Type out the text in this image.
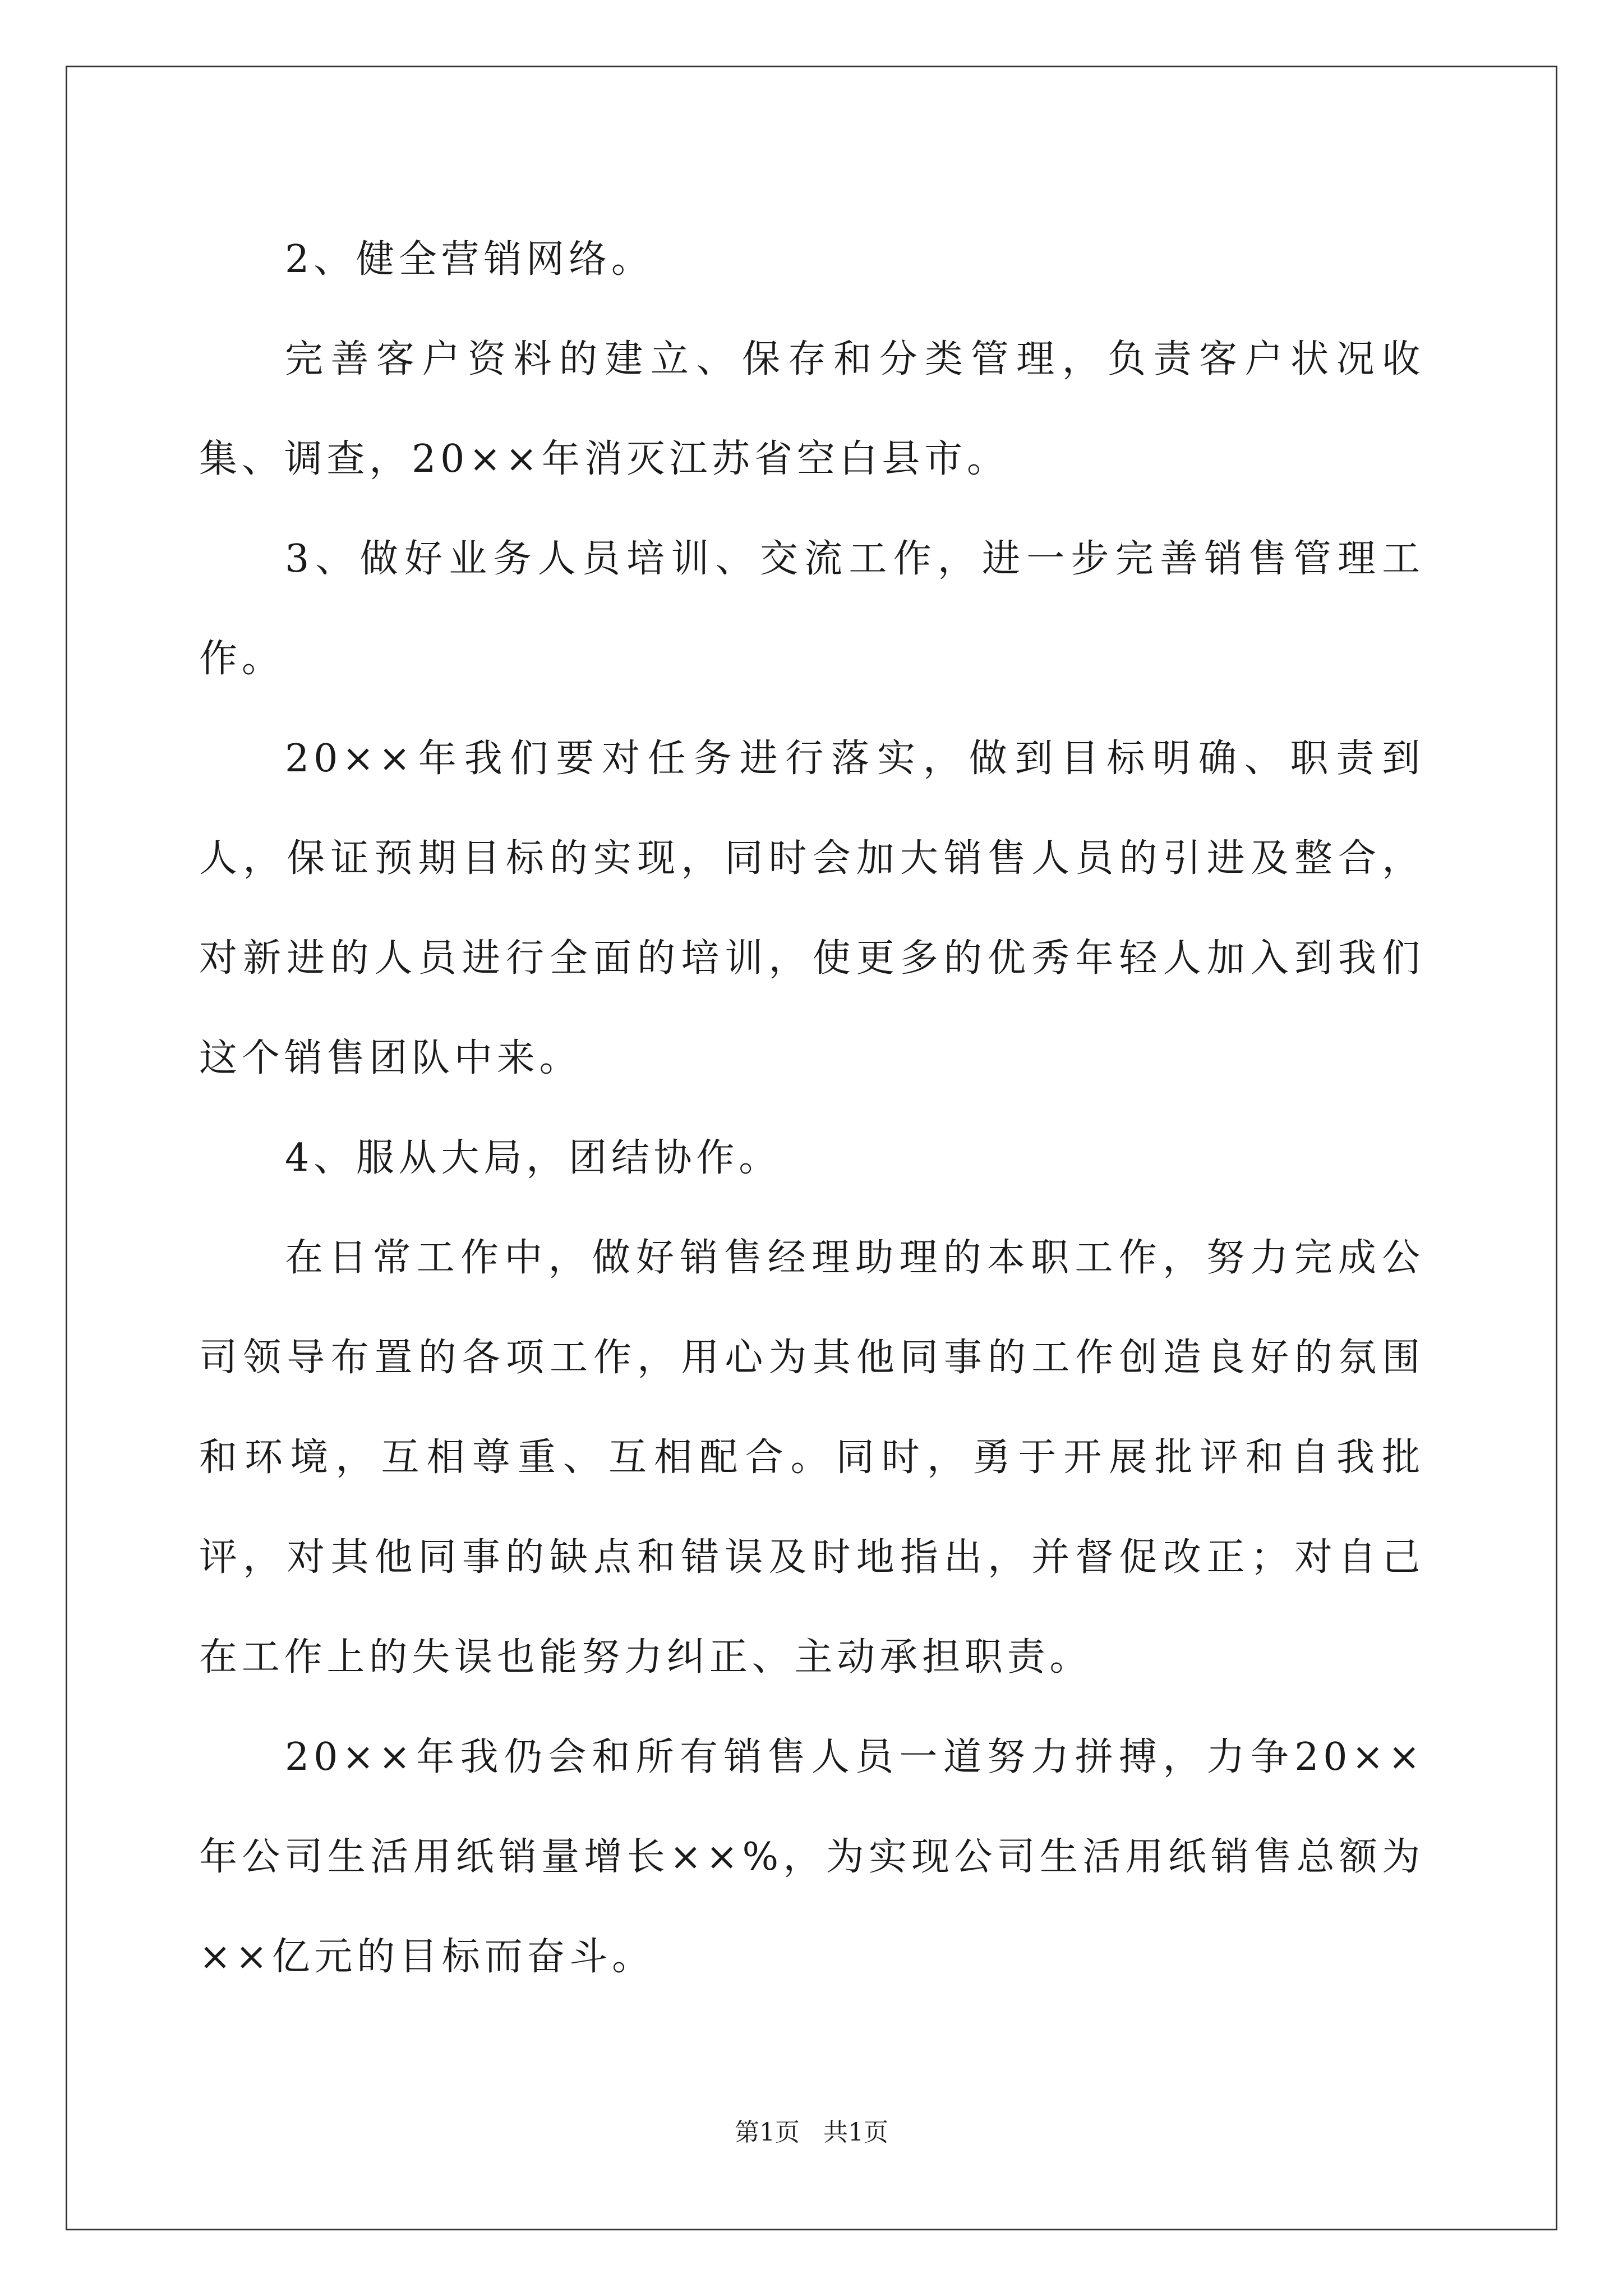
2、健全营销网络。

完善客户资料的建立、保存和分类管理，负责客户状况收集、调查，20××年消灭江苏省空白县市。

3、做好业务人员培训、交流工作，进一步完善销售管理工作。

20××年我们要对任务进行落实，做到目标明确、职责到人，保证预期目标的实现，同时会加大销售人员的引进及整合，对新进的人员进行全面的培训，使更多的优秀年轻人加入到我们这个销售团队中来。

4、服从大局，团结协作。

在日常工作中，做好销售经理助理的本职工作，努力完成公司领导布置的各项工作，用心为其他同事的工作创造良好的氛围和环境，互相尊重、互相配合。同时，勇于开展批评和自我批评，对其他同事的缺点和错误及时地指出，并督促改正；对自己在工作上的失误也能努力纠正、主动承担职责。

20××年我仍会和所有销售人员一道努力拼搏，力争20××年公司生活用纸销量增长××%，为实现公司生活用纸销售总额为××亿元的目标而奋斗。

第1页 共1页
